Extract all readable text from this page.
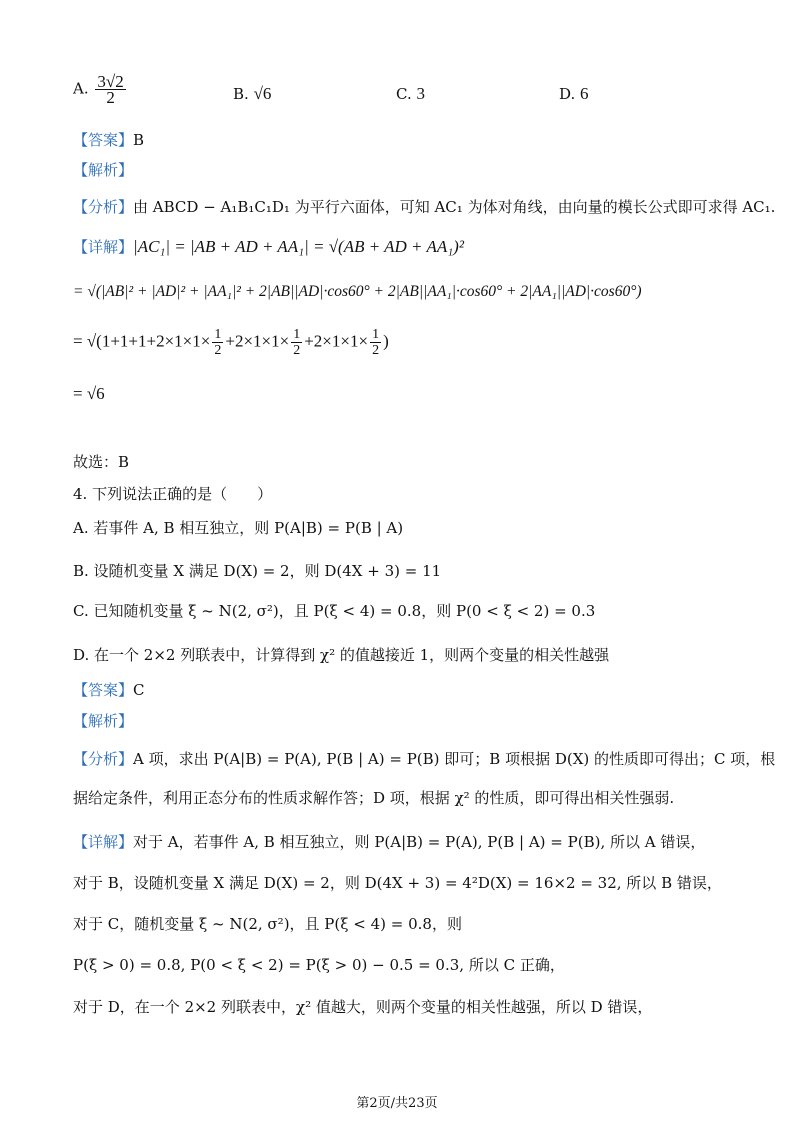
A. $\frac{3√2}{2}$	B. √6	C. 3	D. 6
【答案】B
【解析】
【分析】由 ABCD − A₁B₁C₁D₁ 为平行六面体，可知 AC₁ 为体对角线，由向量的模长公式即可求得 AC₁.
【详解】|AC₁| = |AB + AD + AA₁| = √(AB + AD + AA₁)²
= √(|AB|² + |AD|² + |AA₁|² + 2|AB||AD|·cos60° + 2|AB||AA₁|·cos60° + 2|AA₁||AD|·cos60°)
= $√(1+1+1+2\times 1\times 1\times \frac{1}{2} +2\times 1\times 1\times \frac{1}{2} +2\times 1\times 1\times \frac{1}{2}$ )
= √6
故选：B
4. 下列说法正确的是（　　）
A. 若事件 A, B 相互独立，则 P(A|B) = P(B | A)
B. 设随机变量 X 满足 D(X) = 2，则 D(4X + 3) = 11
C. 已知随机变量 ξ ~ N(2, σ²)，且 P(ξ < 4) = 0.8，则 P(0 < ξ < 2) = 0.3
D. 在一个 2×2 列联表中，计算得到 χ² 的值越接近 1，则两个变量的相关性越强
【答案】C
【解析】
【分析】A 项，求出 P(A|B) = P(A), P(B | A) = P(B) 即可；B 项根据 D(X) 的性质即可得出；C 项，根
据给定条件，利用正态分布的性质求解作答；D 项，根据 χ² 的性质，即可得出相关性强弱.
【详解】对于 A，若事件 A, B 相互独立，则 P(A|B) = P(A), P(B | A) = P(B), 所以 A 错误，
对于 B，设随机变量 X 满足 D(X) = 2，则 D(4X + 3) = 4²D(X) = 16×2 = 32, 所以 B 错误，
对于 C，随机变量 ξ ~ N(2, σ²)，且 P(ξ < 4) = 0.8，则
P(ξ > 0) = 0.8, P(0 < ξ < 2) = P(ξ > 0) − 0.5 = 0.3, 所以 C 正确，
对于 D，在一个 2×2 列联表中，χ² 值越大，则两个变量的相关性越强，所以 D 错误，
第2页/共23页
